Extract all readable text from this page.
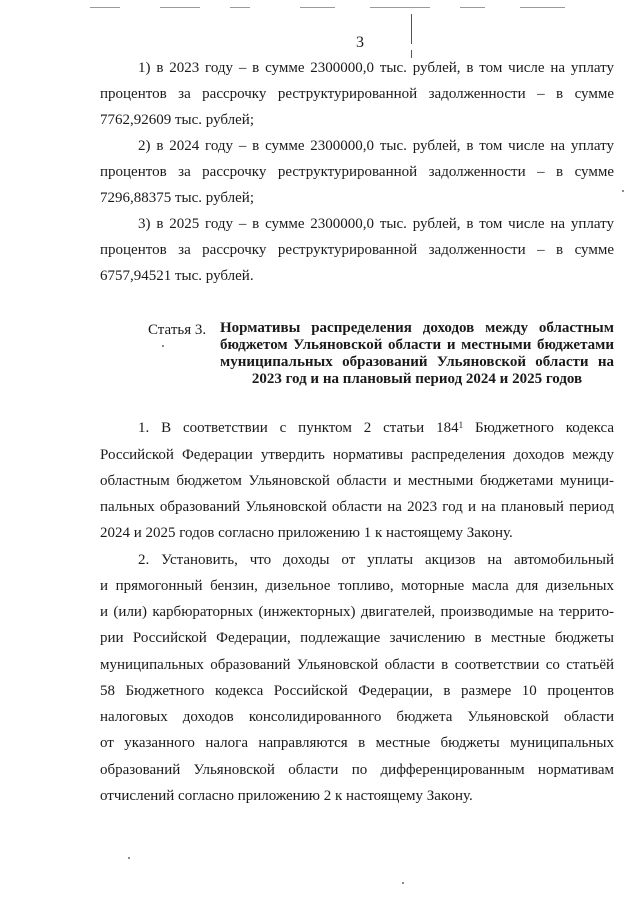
3
1) в 2023 году – в сумме 2300000,0 тыс. рублей, в том числе на уплату
процентов за рассрочку реструктурированной задолженности – в сумме
7762,92609 тыс. рублей;
2) в 2024 году – в сумме 2300000,0 тыс. рублей, в том числе на уплату
процентов за рассрочку реструктурированной задолженности – в сумме
7296,88375 тыс. рублей;
3) в 2025 году – в сумме 2300000,0 тыс. рублей, в том числе на уплату
процентов за рассрочку реструктурированной задолженности – в сумме
6757,94521 тыс. рублей.
Статья 3. Нормативы распределения доходов между областным бюджетом Ульяновской области и местными бюджетами муниципальных образований Ульяновской области на 2023 год и на плановый период 2024 и 2025 годов
1. В соответствии с пунктом 2 статьи $184^1$ Бюджетного кодекса
Российской Федерации утвердить нормативы распределения доходов между
областным бюджетом Ульяновской области и местными бюджетами муници-
пальных образований Ульяновской области на 2023 год и на плановый период
2024 и 2025 годов согласно приложению 1 к настоящему Закону.
2. Установить, что доходы от уплаты акцизов на автомобильный
и прямогонный бензин, дизельное топливо, моторные масла для дизельных
и (или) карбюраторных (инжекторных) двигателей, производимые на террито-
рии Российской Федерации, подлежащие зачислению в местные бюджеты
муниципальных образований Ульяновской области в соответствии со статьёй
58 Бюджетного кодекса Российской Федерации, в размере 10 процентов
налоговых доходов консолидированного бюджета Ульяновской области
от указанного налога направляются в местные бюджеты муниципальных
образований Ульяновской области по дифференцированным нормативам
отчислений согласно приложению 2 к настоящему Закону.
